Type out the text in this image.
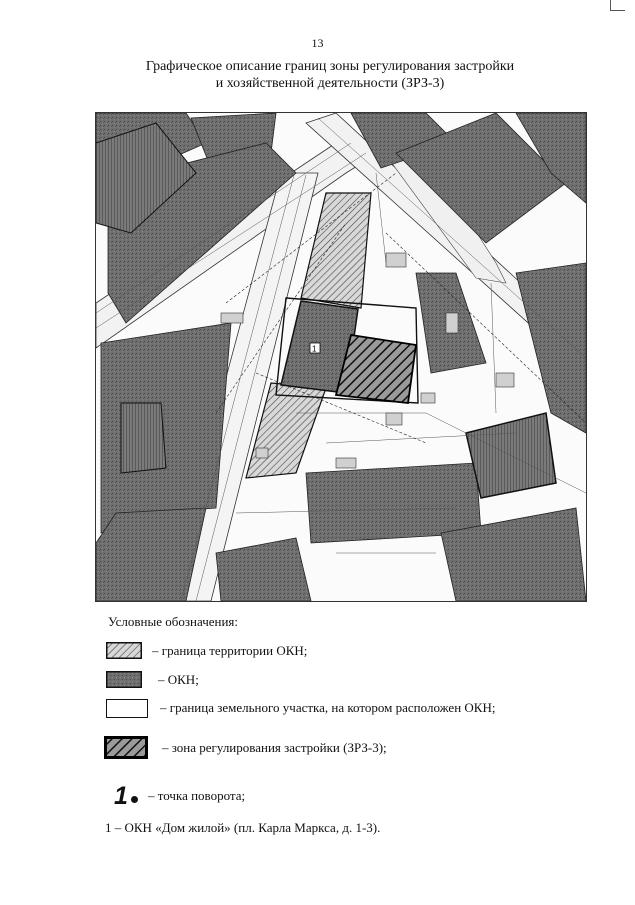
13
Графическое описание границ зоны регулирования застройки
и хозяйственной деятельности (ЗРЗ-3)
1
Условные обозначения:
– граница территории ОКН;
– ОКН;
– граница земельного участка, на котором расположен ОКН;
– зона регулирования застройки (ЗРЗ-3);
1 – точка поворота;
1 – ОКН «Дом жилой» (пл. Карла Маркса, д. 1-3).
